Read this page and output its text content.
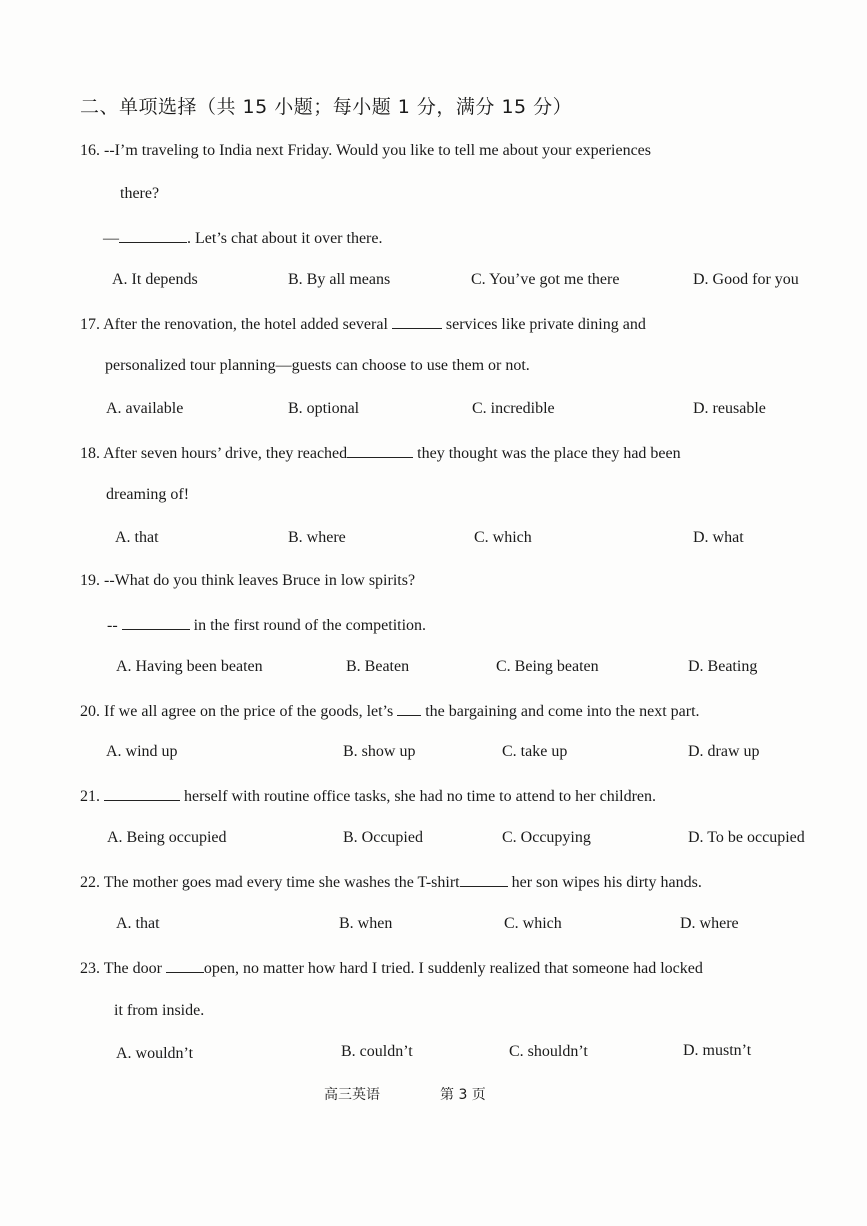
二、单项选择（共 15 小题；每小题 1 分，满分 15 分）
16. --I’m traveling to India next Friday. Would you like to tell me about your experiences
there?
—	. Let’s chat about it over there.
A. It depends	B. By all means	C. You’ve got me there	D. Good for you
17. After the renovation, the hotel added several	services like private dining and
personalized tour planning—guests can choose to use them or not.
A. available	B. optional	C. incredible	D. reusable
18. After seven hours’ drive, they reached	they thought was the place they had been
dreaming of!
A. that	B. where	C. which	D. what
19. --What do you think leaves Bruce in low spirits?
--	in the first round of the competition.
A. Having been beaten	B. Beaten	C. Being beaten	D. Beating
20. If we all agree on the price of the goods, let’s the bargaining and come into the next part.
A. wind up	B. show up	C. take up	D. draw up
21.	herself with routine office tasks, she had no time to attend to her children.
A. Being occupied	B. Occupied	C. Occupying	D. To be occupied
22. The mother goes mad every time she washes the T-shirt	her son wipes his dirty hands.
A. that	B. when	C. which	D. where
23. The door	open, no matter how hard I tried. I suddenly realized that someone had locked
it from inside.
A. wouldn’t	B. couldn’t	C. shouldn’t	D. mustn’t
高三英语	第 3 页
